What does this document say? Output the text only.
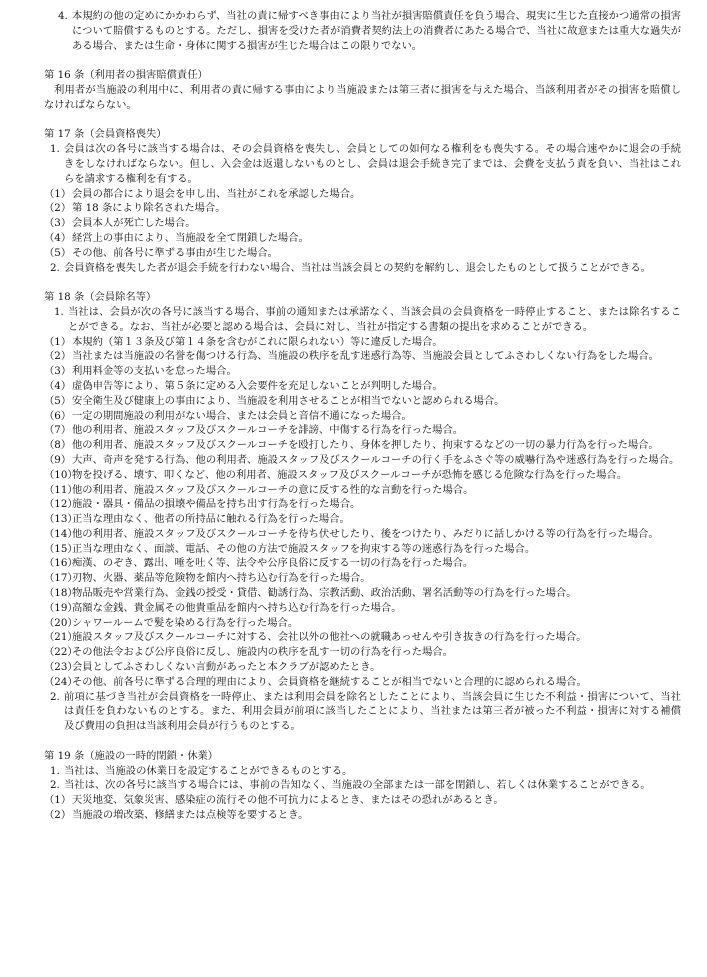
4. 本規約の他の定めにかかわらず、当社の責に帰すべき事由により当社が損害賠償責任を負う場合、現実に生じた直接かつ通常の損害について賠償するものとする。ただし、損害を受けた者が消費者契約法上の消費者にあたる場合で、当社に故意または重大な過失がある場合、または生命・身体に関する損害が生じた場合はこの限りでない。
第 16 条（利用者の損害賠償責任）
利用者が当施設の利用中に、利用者の責に帰する事由により当施設または第三者に損害を与えた場合、当該利用者がその損害を賠償しなければならない。
第 17 条（会員資格喪失）
1. 会員は次の各号に該当する場合は、その会員資格を喪失し、会員としての如何なる権利をも喪失する。その場合速やかに退会の手続きをしなければならない。但し、入会金は返還しないものとし、会員は退会手続き完了までは、会費を支払う責を負い、当社はこれらを請求する権利を有する。
（1） 会員の都合により退会を申し出、当社がこれを承認した場合。
（2） 第 18 条により除名された場合。
（3） 会員本人が死亡した場合。
（4） 経営上の事由により、当施設を全て閉鎖した場合。
（5） その他、前各号に準ずる事由が生じた場合。
2. 会員資格を喪失した者が退会手続を行わない場合、当社は当該会員との契約を解約し、退会したものとして扱うことができる。
第 18 条（会員除名等）
1. 当社は、会員が次の各号に該当する場合、事前の通知または承諾なく、当該会員の会員資格を一時停止すること、または除名することができる。なお、当社が必要と認める場合は、会員に対し、当社が指定する書類の提出を求めることができる。
（1） 本規約（第１３条及び第１４条を含むがこれに限られない）等に違反した場合。
（2） 当社または当施設の名誉を傷つける行為、当施設の秩序を乱す迷惑行為等、当施設会員としてふさわしくない行為をした場合。
（3） 利用料金等の支払いを怠った場合。
（4） 虚偽申告等により、第５条に定める入会要件を充足しないことが判明した場合。
（5） 安全衛生及び健康上の事由により、当施設を利用させることが相当でないと認められる場合。
（6） 一定の期間施設の利用がない場合、または会員と音信不通になった場合。
（7） 他の利用者、施設スタッフ及びスクールコーチを誹謗、中傷する行為を行った場合。
（8） 他の利用者、施設スタッフ及びスクールコーチを殴打したり、身体を押したり、拘束するなどの一切の暴力行為を行った場合。
（9） 大声、奇声を発する行為、他の利用者、施設スタッフ及びスクールコーチの行く手をふさぐ等の威嚇行為や迷惑行為を行った場合。
（10）
物を投げる、壊す、叩くなど、他の利用者、施設スタッフ及びスクールコーチが恐怖を感じる危険な行為を行った場合。
（11）
他の利用者、施設スタッフ及びスクールコーチの意に反する性的な言動を行った場合。
（12）
施設・器具・備品の損壊や備品を持ち出す行為を行った場合。
（13）
正当な理由なく、他者の所持品に触れる行為を行った場合。
（14）
他の利用者、施設スタッフ及びスクールコーチを待ち伏せしたり、後をつけたり、みだりに話しかける等の行為を行った場合。
（15）
正当な理由なく、面談、電話、その他の方法で施設スタッフを拘束する等の迷惑行為を行った場合。
（16）
痴漢、のぞき、露出、唾を吐く等、法令や公序良俗に反する一切の行為を行った場合。
（17）
刃物、火器、薬品等危険物を館内へ持ち込む行為を行った場合。
（18）
物品販売や営業行為、金銭の授受・貸借、勧誘行為、宗教活動、政治活動、署名活動等の行為を行った場合。
（19）
高額な金銭、貴金属その他貴重品を館内へ持ち込む行為を行った場合。
（20）
シャワールームで髪を染める行為を行った場合。
（21）
施設スタッフ及びスクールコーチに対する、会社以外の他社への就職あっせんや引き抜きの行為を行った場合。
（22）
その他法令および公序良俗に反し、施設内の秩序を乱す一切の行為を行った場合。
（23）
会員としてふさわしくない言動があったと本クラブが認めたとき。
（24）
その他、前各号に準ずる合理的理由により、会員資格を継続することが相当でないと合理的に認められる場合。
2. 前項に基づき当社が会員資格を一時停止、または利用会員を除名としたことにより、当該会員に生じた不利益・損害について、当社は責任を負わないものとする。また、利用会員が前項に該当したことにより、当社または第三者が被った不利益・損害に対する補償及び費用の負担は当該利用会員が行うものとする。
第 19 条（施設の一時的閉鎖・休業）
1. 当社は、当施設の休業日を設定することができるものとする。
2. 当社は、次の各号に該当する場合には、事前の告知なく、当施設の全部または一部を閉鎖し、若しくは休業することができる。
（1） 天災地変、気象災害、感染症の流行その他不可抗力によるとき、またはその恐れがあるとき。
（2） 当施設の増改築、修繕または点検等を要するとき。
